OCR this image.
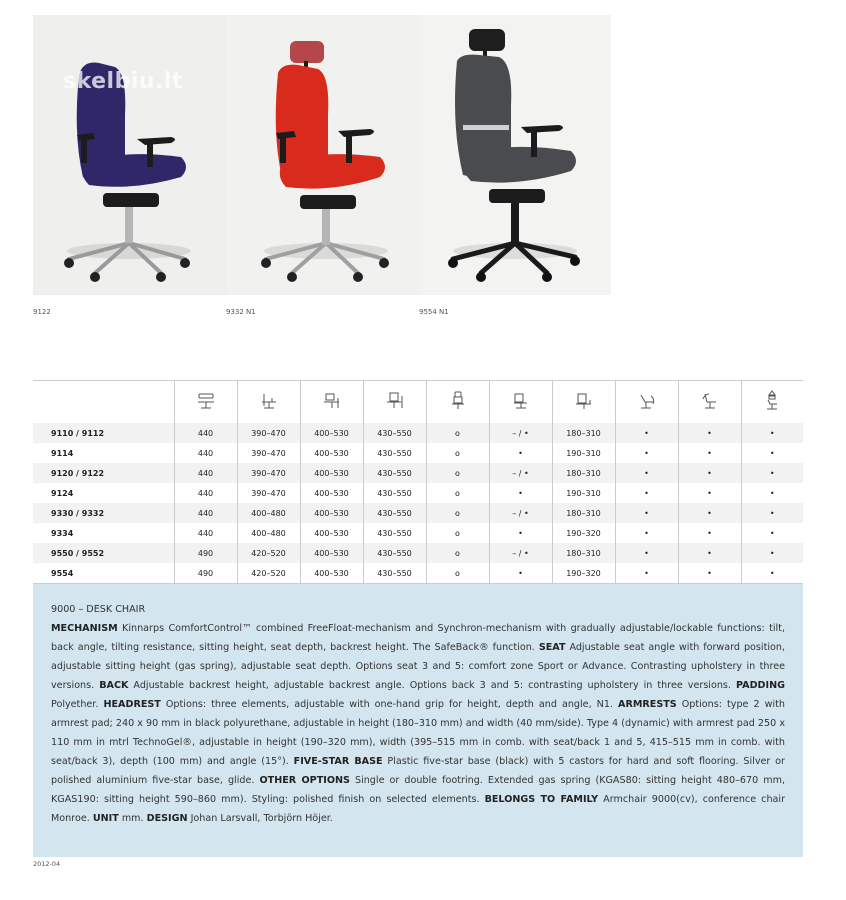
skelbiu.lt
9122	9332 N1	9554 N1

9110 / 9112	440	390–470	400–530	430–550	o	– / •	180–310	•	•	•
9114	440	390–470	400–530	430–550	o	•	190–310	•	•	•
9120 / 9122	440	390–470	400–530	430–550	o	– / •	180–310	•	•	•
9124	440	390–470	400–530	430–550	o	•	190–310	•	•	•
9330 / 9332	440	400–480	400–530	430–550	o	– / •	180–310	•	•	•
9334	440	400–480	400–530	430–550	o	•	190–320	•	•	•
9550 / 9552	490	420–520	400–530	430–550	o	– / •	180–310	•	•	•
9554	490	420–520	400–530	430–550	o	•	190–320	•	•	•
9000 – DESK CHAIR
MECHANISM Kinnarps ComfortControl™ combined FreeFloat-mechanism and Synchron-mechanism with gradually adjustable/lockable functions: tilt, back angle, tilting resistance, sitting height, seat depth, backrest height. The SafeBack® function. SEAT Adjustable seat angle with forward position, adjustable sitting height (gas spring), adjustable seat depth. Options seat 3 and 5: comfort zone Sport or Advance. Contrasting upholstery in three versions. BACK Adjustable backrest height, adjustable backrest angle. Options back 3 and 5: contrasting upholstery in three versions. PADDING Polyether. HEADREST Options: three elements, adjustable with one-hand grip for height, depth and angle, N1. ARMRESTS Options: type 2 with armrest pad; 240 x 90 mm in black polyurethane, adjustable in height (180–310 mm) and width (40 mm/side). Type 4 (dynamic) with armrest pad 250 x 110 mm in mtrl TechnoGel®, adjustable in height (190–320 mm), width (395–515 mm in comb. with seat/back 1 and 5, 415–515 mm in comb. with seat/back 3), depth (100 mm) and angle (15°). FIVE-STAR BASE Plastic five-star base (black) with 5 castors for hard and soft flooring. Silver or polished aluminium five-star base, glide. OTHER OPTIONS Single or double footring. Extended gas spring (KGAS80: sitting height 480–670 mm, KGAS190: sitting height 590–860 mm). Styling: polished finish on selected elements. BELONGS TO FAMILY Armchair 9000(cv), conference chair Monroe. UNIT mm. DESIGN Johan Larsvall, Torbjörn Höjer.
2012-04
